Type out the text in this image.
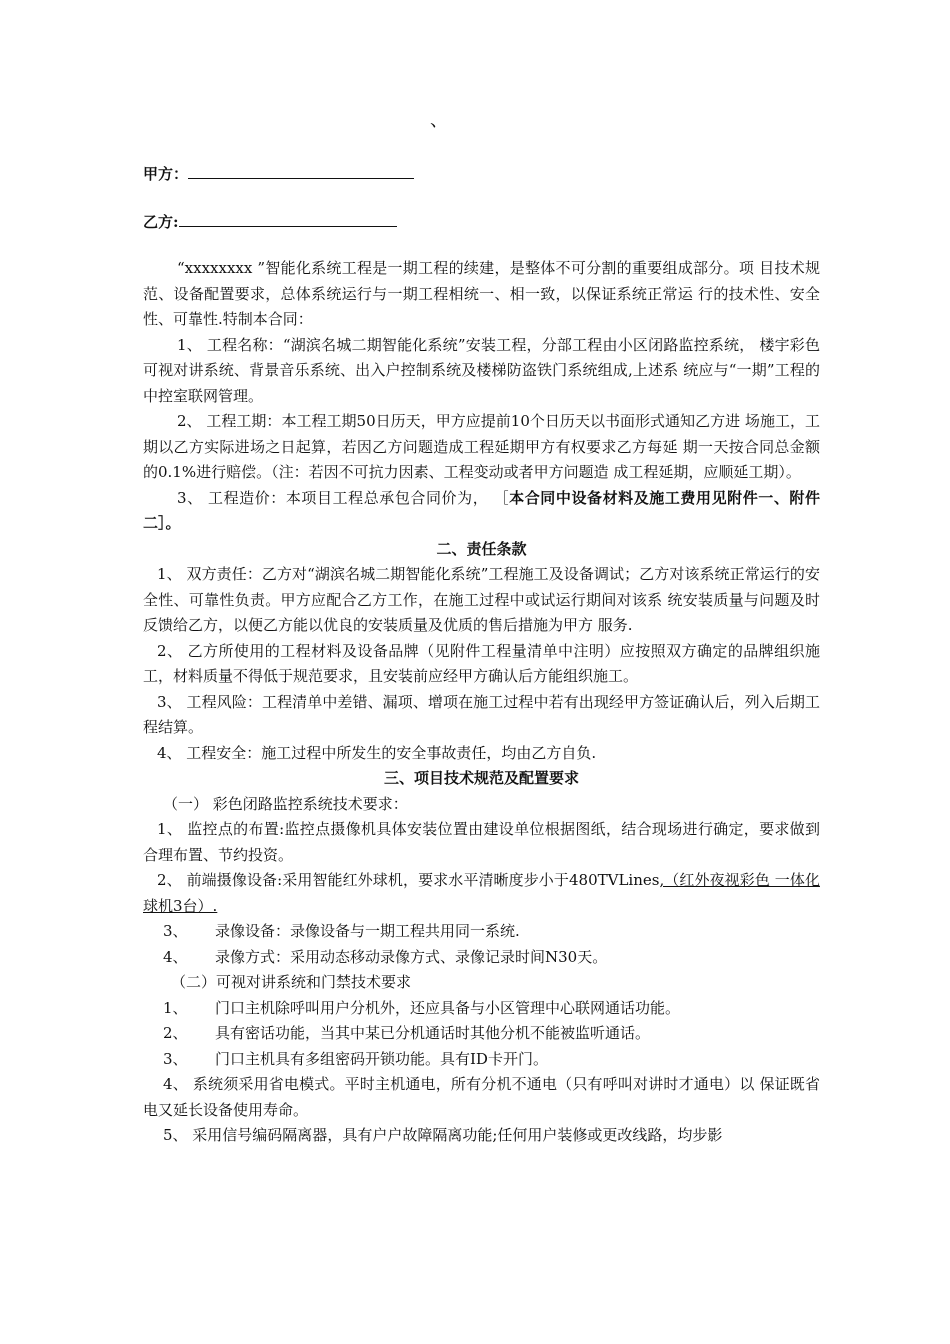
、
甲方：
乙方:

“xxxxxxxx ”智能化系统工程是一期工程的续建，是整体不可分割的重要组成部分。项 目技术规范、设备配置要求，总体系统运行与一期工程相统一、相一致，以保证系统正常运 行的技术性、安全性、可靠性.特制本合同：

1、 工程名称：“湖滨名城二期智能化系统”安装工程，分部工程由小区闭路监控系统， 楼宇彩色可视对讲系统、背景音乐系统、出入户控制系统及楼梯防盗铁门系统组成,上述系 统应与“一期”工程的中控室联网管理。

2、 工程工期：本工程工期50日历天，甲方应提前10个日历天以书面形式通知乙方进 场施工，工期以乙方实际进场之日起算，若因乙方问题造成工程延期甲方有权要求乙方每延 期一天按合同总金额的0.1%进行赔偿。（注：若因不可抗力因素、工程变动或者甲方问题造 成工程延期，应顺延工期）。

3、 工程造价：本项目工程总承包合同价为， ［本合同中设备材料及施工费用见附件一、附件二］。

二、责任条款

1、 双方责任：乙方对“湖滨名城二期智能化系统”工程施工及设备调试；乙方对该系统正常运行的安全性、可靠性负责。甲方应配合乙方工作，在施工过程中或试运行期间对该系 统安装质量与问题及时反馈给乙方，以便乙方能以优良的安装质量及优质的售后措施为甲方 服务.

2、 乙方所使用的工程材料及设备品牌（见附件工程量清单中注明）应按照双方确定的品牌组织施工，材料质量不得低于规范要求，且安装前应经甲方确认后方能组织施工。

3、 工程风险：工程清单中差错、漏项、增项在施工过程中若有出现经甲方签证确认后，列入后期工程结算。

4、 工程安全：施工过程中所发生的安全事故责任，均由乙方自负.

三、项目技术规范及配置要求

（一） 彩色闭路监控系统技术要求：

1、 监控点的布置:监控点摄像机具体安装位置由建设单位根据图纸，结合现场进行确定，要求做到合理布置、节约投资。

2、 前端摄像设备:采用智能红外球机，要求水平清晰度步小于480TVLines,（红外夜视彩色 一体化球机3台）.

3、 录像设备：录像设备与一期工程共用同一系统.

4、 录像方式：采用动态移动录像方式、录像记录时间N30天。

（二）可视对讲系统和门禁技术要求

1、 门口主机除呼叫用户分机外，还应具备与小区管理中心联网通话功能。

2、 具有密话功能，当其中某已分机通话时其他分机不能被监听通话。

3、 门口主机具有多组密码开锁功能。具有ID卡开门。

4、 系统须采用省电模式。平时主机通电，所有分机不通电（只有呼叫对讲时才通电）以 保证既省电又延长设备使用寿命。

5、 采用信号编码隔离器，具有户户故障隔离功能;任何用户装修或更改线路，均步影
